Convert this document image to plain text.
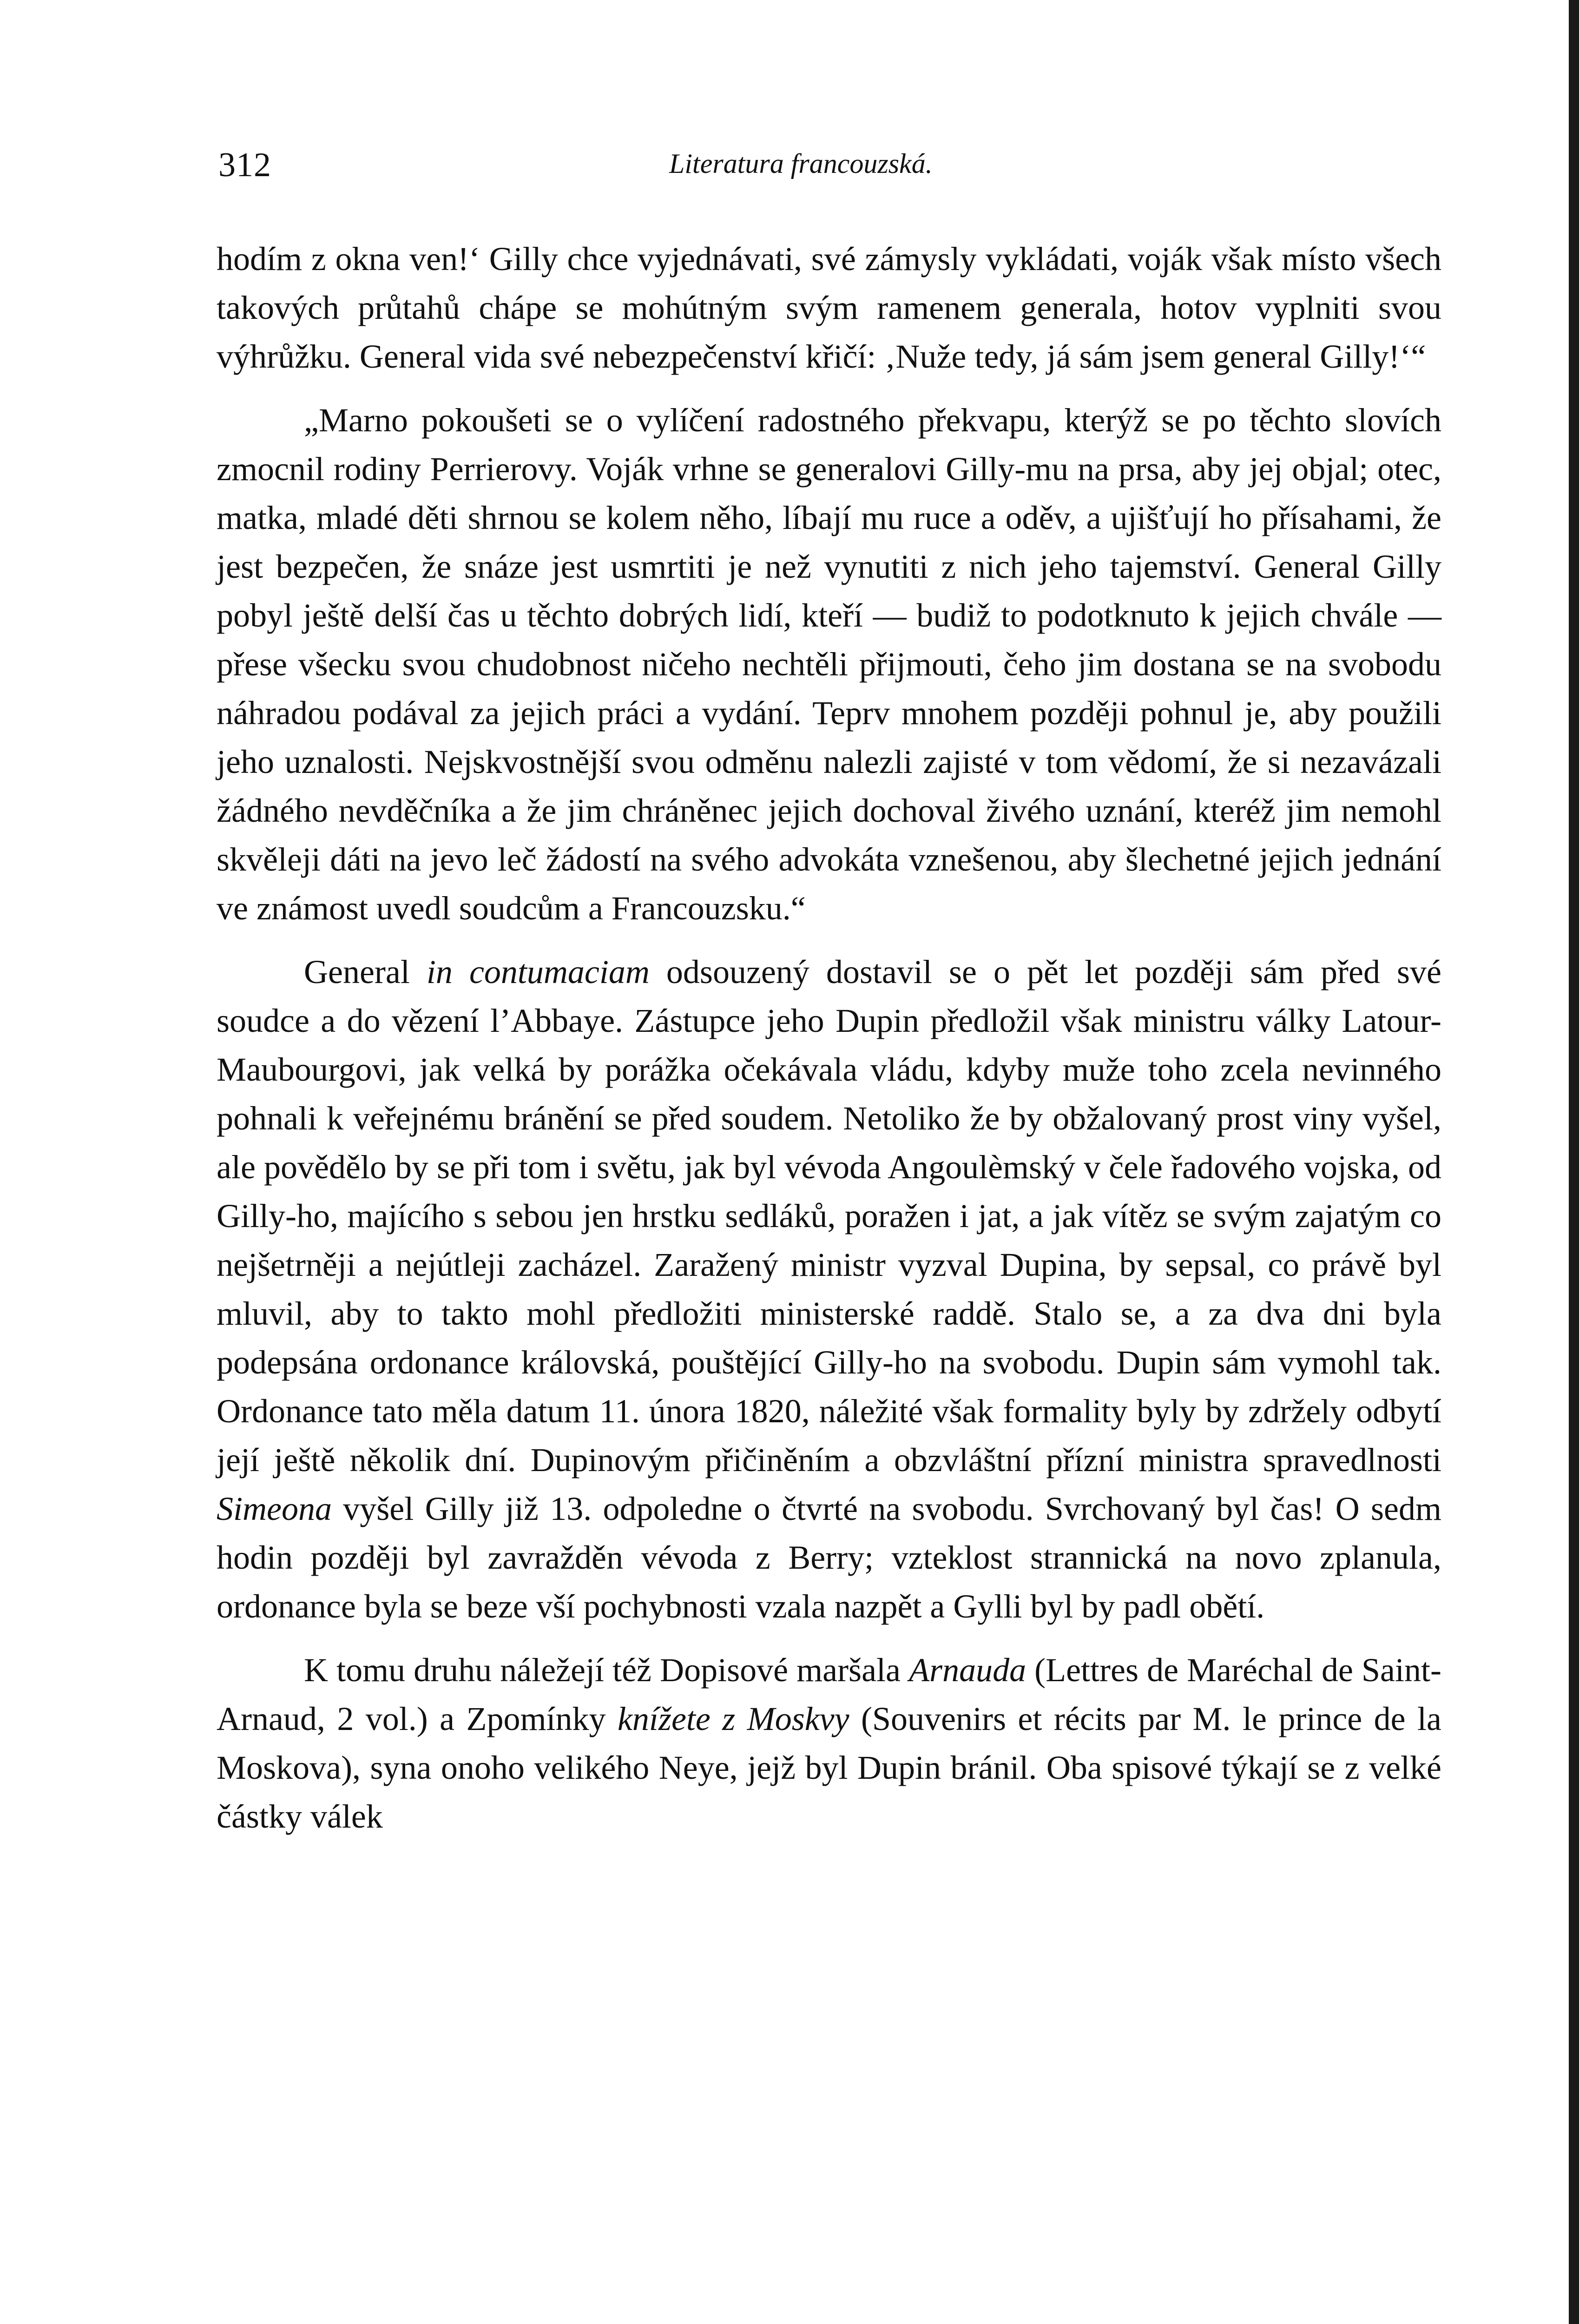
312	Literatura francouzská.

hodím z okna ven!‘ Gilly chce vyjednávati, své zámysly vykládati, voják však místo všech takových průtahů chápe se mohútným svým ramenem generala, hotov vyplniti svou výhrůžku. General vida své nebezpečenství křičí: ‚Nuže tedy, já sám jsem general Gilly!‘“

„Marno pokoušeti se o vylíčení radostného překvapu, kterýž se po těchto slovích zmocnil rodiny Perrierovy. Voják vrhne se generalovi Gilly-mu na prsa, aby jej objal; otec, matka, mladé děti shrnou se kolem něho, líbají mu ruce a oděv, a ujišťují ho přísahami, že jest bezpečen, že snáze jest usmrtiti je než vynutiti z nich jeho tajemství. General Gilly pobyl ještě delší čas u těchto dobrých lidí, kteří — budiž to podotknuto k jejich chvále — přese všecku svou chudobnost ničeho nechtěli přijmouti, čeho jim dostana se na svobodu náhradou podával za jejich práci a vydání. Teprv mnohem později pohnul je, aby použili jeho uznalosti. Nejskvostnější svou odměnu nalezli zajisté v tom vědomí, že si nezavázali žádného nevděčníka a že jim chráněnec jejich dochoval živého uznání, kteréž jim nemohl skvěleji dáti na jevo leč žádostí na svého advokáta vznešenou, aby šlechetné jejich jednání ve známost uvedl soudcům a Francouzsku.“

General in contumaciam odsouzený dostavil se o pět let později sám před své soudce a do vězení l’Abbaye. Zástupce jeho Dupin předložil však ministru války Latour-Maubourgovi, jak velká by porážka očekávala vládu, kdyby muže toho zcela nevinného pohnali k veřejnému bránění se před soudem. Netoliko že by obžalovaný prost viny vyšel, ale povědělo by se při tom i světu, jak byl vévoda Angoulèmský v čele řadového vojska, od Gilly-ho, majícího s sebou jen hrstku sedláků, poražen i jat, a jak vítěz se svým zajatým co nejšetrněji a nejútleji zacházel. Zaražený ministr vyzval Dupina, by sepsal, co právě byl mluvil, aby to takto mohl předložiti ministerské raddě. Stalo se, a za dva dni byla podepsána ordonance královská, pouštějící Gilly-ho na svobodu. Dupin sám vymohl tak. Ordonance tato měla datum 11. února 1820, náležité však formality byly by zdržely odbytí její ještě několik dní. Dupinovým přičiněním a obzvláštní přízní ministra spravedlnosti Simeona vyšel Gilly již 13. odpoledne o čtvrté na svobodu. Svrchovaný byl čas! O sedm hodin později byl zavražděn vévoda z Berry; vzteklost strannická na novo zplanula, ordonance byla se beze vší pochybnosti vzala nazpět a Gylli byl by padl obětí.

K tomu druhu náležejí též Dopisové maršala Arnauda (Lettres de Maréchal de Saint-Arnaud, 2 vol.) a Zpomínky knížete z Moskvy (Souvenirs et récits par M. le prince de la Moskova), syna onoho velikého Neye, jejž byl Dupin bránil. Oba spisové týkají se z velké částky válek
